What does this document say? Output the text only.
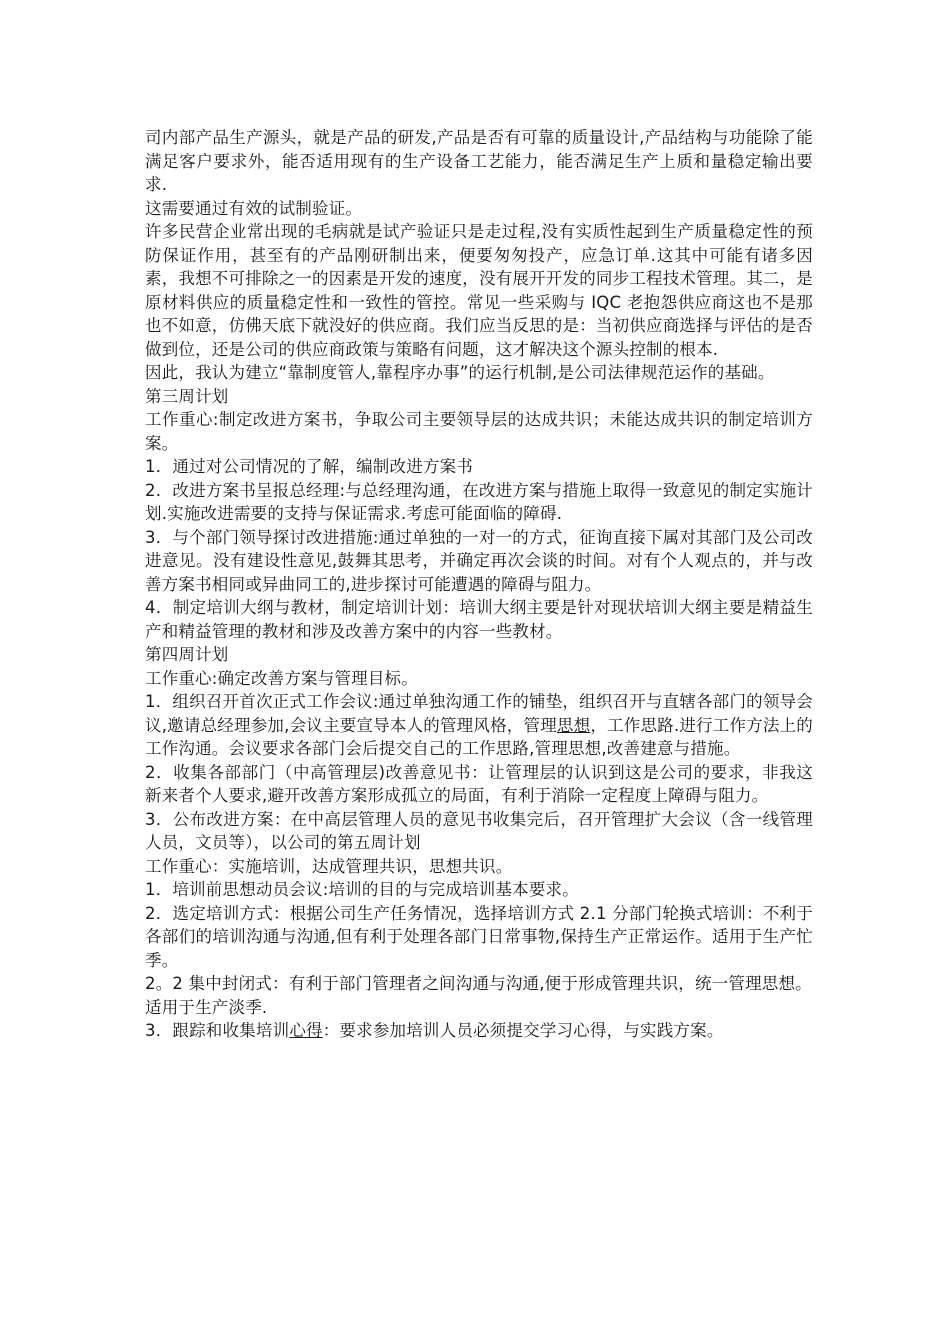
司内部产品生产源头，就是产品的研发,产品是否有可靠的质量设计,产品结构与功能除了能满足客户要求外，能否适用现有的生产设备工艺能力，能否满足生产上质和量稳定输出要求.

这需要通过有效的试制验证。

许多民营企业常出现的毛病就是试产验证只是走过程,没有实质性起到生产质量稳定性的预防保证作用，甚至有的产品刚研制出来，便要匆匆投产，应急订单.这其中可能有诸多因素，我想不可排除之一的因素是开发的速度，没有展开开发的同步工程技术管理。其二，是原材料供应的质量稳定性和一致性的管控。常见一些采购与 IQC 老抱怨供应商这也不是那也不如意，仿佛天底下就没好的供应商。我们应当反思的是：当初供应商选择与评估的是否做到位，还是公司的供应商政策与策略有问题，这才解决这个源头控制的根本.

因此，我认为建立“靠制度管人,靠程序办事”的运行机制,是公司法律规范运作的基础。

第三周计划

工作重心:制定改进方案书，争取公司主要领导层的达成共识；未能达成共识的制定培训方案。

1．通过对公司情况的了解，编制改进方案书

2．改进方案书呈报总经理:与总经理沟通，在改进方案与措施上取得一致意见的制定实施计划.实施改进需要的支持与保证需求.考虑可能面临的障碍.

3．与个部门领导探讨改进措施:通过单独的一对一的方式，征询直接下属对其部门及公司改进意见。没有建设性意见,鼓舞其思考，并确定再次会谈的时间。对有个人观点的，并与改善方案书相同或异曲同工的,进步探讨可能遭遇的障碍与阻力。

4．制定培训大纲与教材，制定培训计划：培训大纲主要是针对现状培训大纲主要是精益生产和精益管理的教材和涉及改善方案中的内容一些教材。

第四周计划

工作重心:确定改善方案与管理目标。

1．组织召开首次正式工作会议:通过单独沟通工作的铺垫，组织召开与直辖各部门的领导会议,邀请总经理参加,会议主要宣导本人的管理风格，管理思想，工作思路.进行工作方法上的工作沟通。会议要求各部门会后提交自己的工作思路,管理思想,改善建意与措施。

2．收集各部部门（中高管理层)改善意见书：让管理层的认识到这是公司的要求，非我这新来者个人要求,避开改善方案形成孤立的局面，有利于消除一定程度上障碍与阻力。

3．公布改进方案：在中高层管理人员的意见书收集完后，召开管理扩大会议（含一线管理人员，文员等），以公司的第五周计划

工作重心：实施培训，达成管理共识，思想共识。

1．培训前思想动员会议:培训的目的与完成培训基本要求。

2．选定培训方式：根据公司生产任务情况，选择培训方式 2.1 分部门轮换式培训：不利于各部们的培训沟通与沟通,但有利于处理各部门日常事物,保持生产正常运作。适用于生产忙季。

2。2 集中封闭式：有利于部门管理者之间沟通与沟通,便于形成管理共识，统一管理思想。

适用于生产淡季.

3．跟踪和收集培训心得：要求参加培训人员必须提交学习心得，与实践方案。
